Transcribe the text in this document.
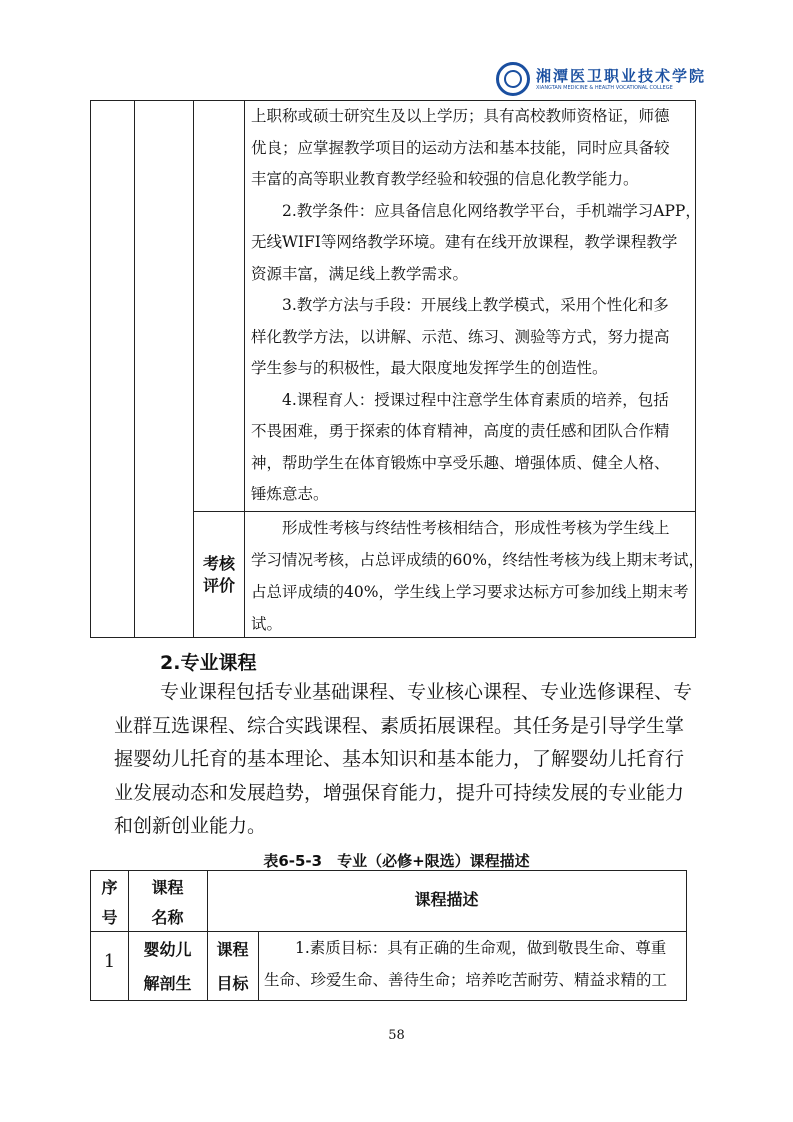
湘潭医卫职业技术学院
XIANGTAN MEDICINE & HEALTH VOCATIONAL COLLEGE
上职称或硕士研究生及以上学历；具有高校教师资格证，师德
优良；应掌握教学项目的运动方法和基本技能，同时应具备较
丰富的高等职业教育教学经验和较强的信息化教学能力。
　　2.教学条件：应具备信息化网络教学平台，手机端学习APP，
无线WIFI等网络教学环境。建有在线开放课程，教学课程教学
资源丰富，满足线上教学需求。
　　3.教学方法与手段：开展线上教学模式，采用个性化和多
样化教学方法，以讲解、示范、练习、测验等方式，努力提高
学生参与的积极性，最大限度地发挥学生的创造性。
　　4.课程育人：授课过程中注意学生体育素质的培养，包括
不畏困难，勇于探索的体育精神，高度的责任感和团队合作精
神，帮助学生在体育锻炼中享受乐趣、增强体质、健全人格、
锤炼意志。
　　形成性考核与终结性考核相结合，形成性考核为学生线上
学习情况考核，占总评成绩的60%，终结性考核为线上期末考试，
占总评成绩的40%，学生线上学习要求达标方可参加线上期末考
试。
考核
评价
2.专业课程
专业课程包括专业基础课程、专业核心课程、专业选修课程、专
业群互选课程、综合实践课程、素质拓展课程。其任务是引导学生掌
握婴幼儿托育的基本理论、基本知识和基本能力，了解婴幼儿托育行
业发展动态和发展趋势，增强保育能力，提升可持续发展的专业能力
和创新创业能力。
表6-5-3　专业（必修+限选）课程描述
序
号
课程
名称
课程描述
1
婴幼儿
解剖生
课程
目标
　　1.素质目标：具有正确的生命观，做到敬畏生命、尊重
生命、珍爱生命、善待生命；培养吃苦耐劳、精益求精的工
58
